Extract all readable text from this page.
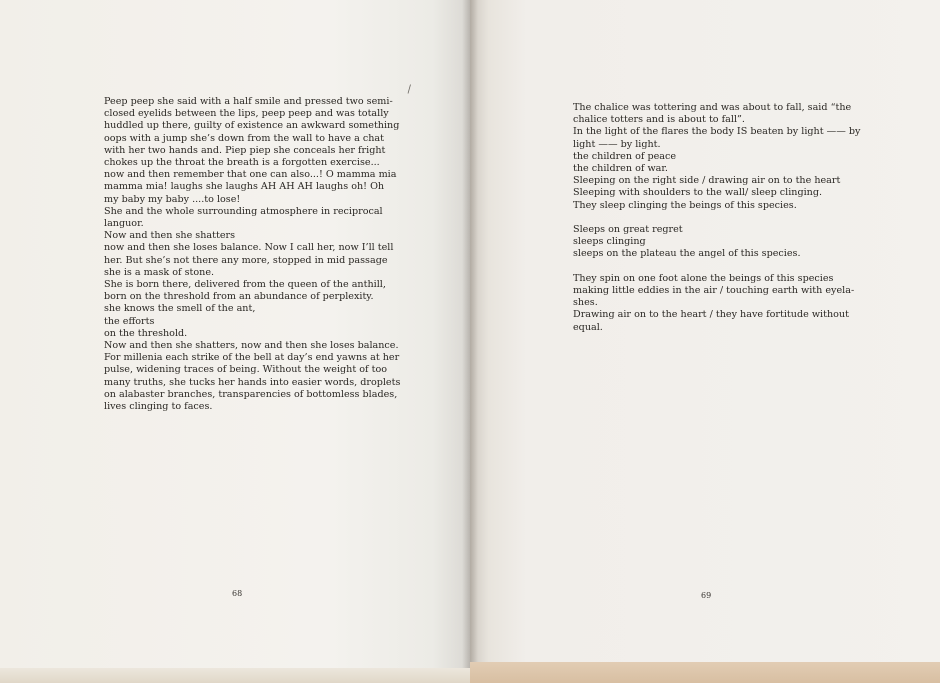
Peep peep she said with a half smile and pressed two semi-
closed eyelids between the lips, peep peep and was totally
huddled up there, guilty of existence an awkward something
oops with a jump she’s down from the wall to have a chat
with her two hands and. Piep piep she conceals her fright
chokes up the throat the breath is a forgotten exercise...
now and then remember that one can also...! O mamma mia
mamma mia! laughs she laughs AH AH AH laughs oh! Oh
my baby my baby ....to lose!
She and the whole surrounding atmosphere in reciprocal
languor.
Now and then she shatters
now and then she loses balance. Now I call her, now I’ll tell
her. But she’s not there any more, stopped in mid passage
she is a mask of stone.
She is born there, delivered from the queen of the anthill,
born on the threshold from an abundance of perplexity.
she knows the smell of the ant,
the efforts
on the threshold.
Now and then she shatters, now and then she loses balance.
For millenia each strike of the bell at day’s end yawns at her
pulse, widening traces of being. Without the weight of too
many truths, she tucks her hands into easier words, droplets
on alabaster branches, transparencies of bottomless blades,
lives clinging to faces.
68	69
The chalice was tottering and was about to fall, said “the
chalice totters and is about to fall”.
In the light of the flares the body IS beaten by light —— by
light —— by light.
the children of peace
the children of war.
Sleeping on the right side / drawing air on to the heart
Sleeping with shoulders to the wall/ sleep clinging.
They sleep clinging the beings of this species.
Sleeps on great regret
sleeps clinging
sleeps on the plateau the angel of this species.
They spin on one foot alone the beings of this species
making little eddies in the air / touching earth with eyela-
shes.
Drawing air on to the heart / they have fortitude without
equal.
